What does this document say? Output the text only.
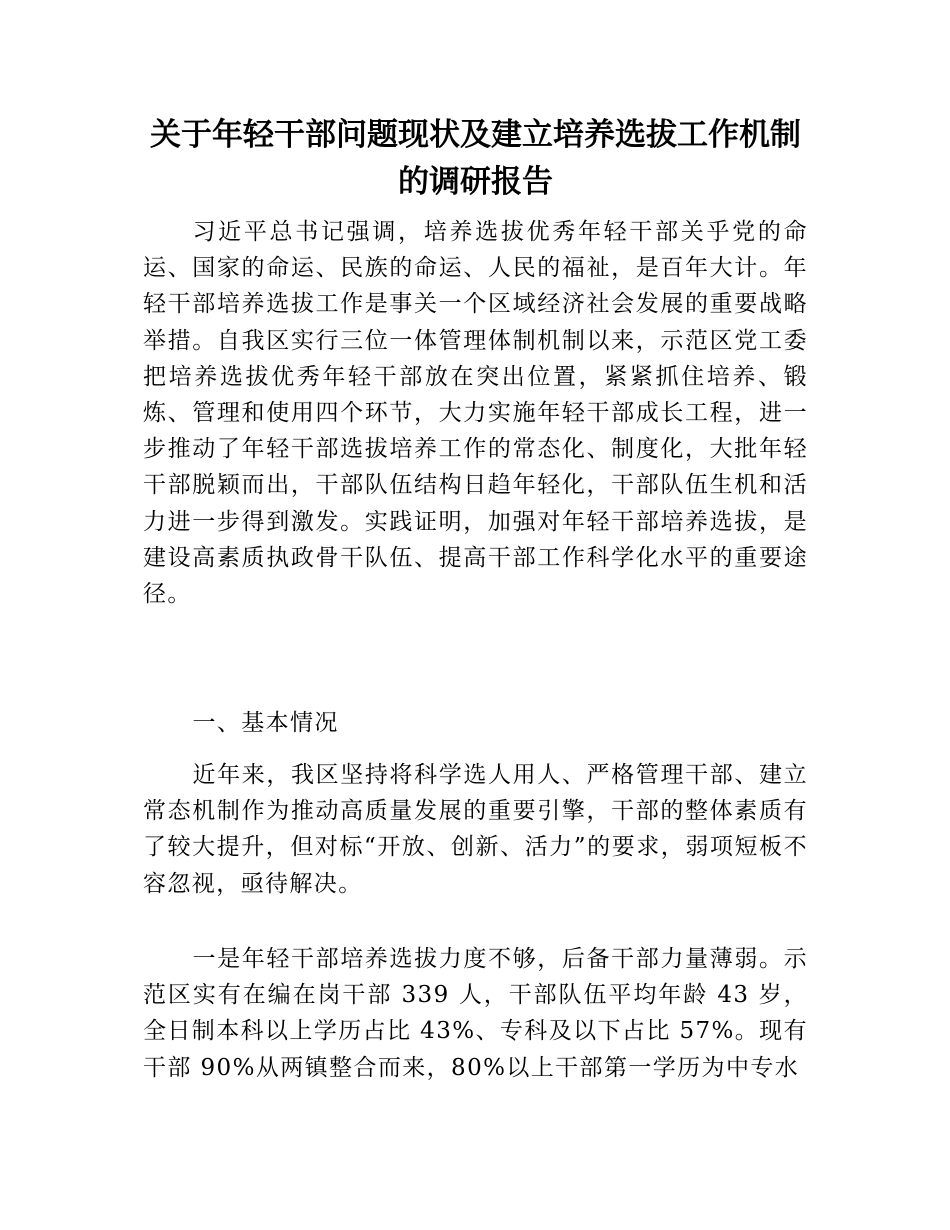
关于年轻干部问题现状及建立培养选拔工作机制的调研报告

习近平总书记强调，培养选拔优秀年轻干部关乎党的命运、国家的命运、民族的命运、人民的福祉，是百年大计。年轻干部培养选拔工作是事关一个区域经济社会发展的重要战略举措。自我区实行三位一体管理体制机制以来，示范区党工委把培养选拔优秀年轻干部放在突出位置，紧紧抓住培养、锻炼、管理和使用四个环节，大力实施年轻干部成长工程，进一步推动了年轻干部选拔培养工作的常态化、制度化，大批年轻干部脱颖而出，干部队伍结构日趋年轻化，干部队伍生机和活力进一步得到激发。实践证明，加强对年轻干部培养选拔，是建设高素质执政骨干队伍、提高干部工作科学化水平的重要途径。

一、基本情况

近年来，我区坚持将科学选人用人、严格管理干部、建立常态机制作为推动高质量发展的重要引擎，干部的整体素质有了较大提升，但对标“开放、创新、活力”的要求，弱项短板不容忽视，亟待解决。

一是年轻干部培养选拔力度不够，后备干部力量薄弱。示范区实有在编在岗干部 339 人，干部队伍平均年龄 43 岁，全日制本科以上学历占比 43%、专科及以下占比 57%。现有干部 90%从两镇整合而来，80%以上干部第一学历为中专水
